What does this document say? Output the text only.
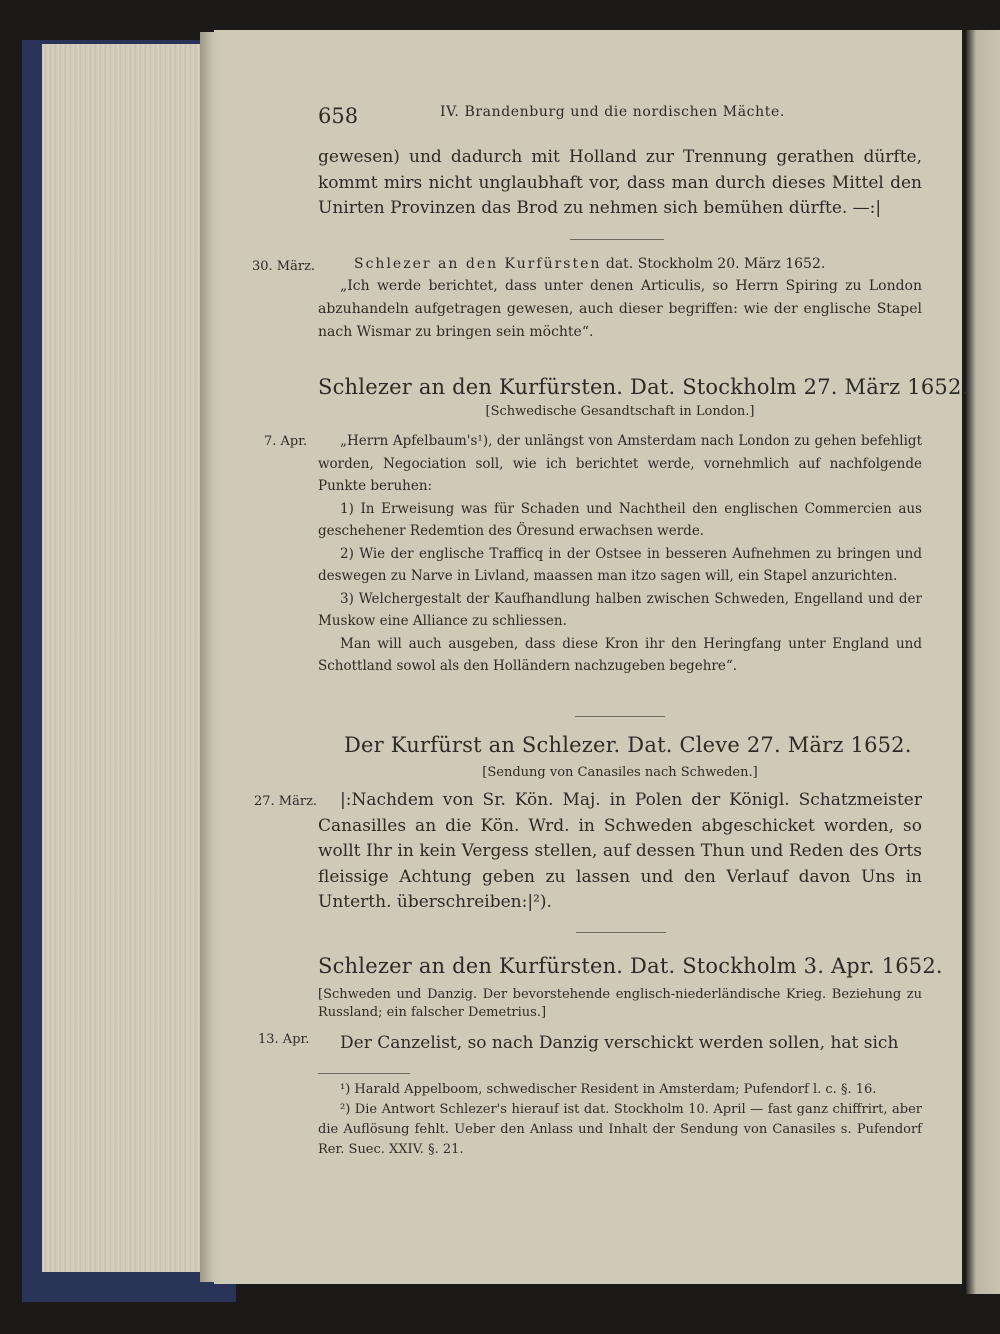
658	IV. Brandenburg und die nordischen Mächte.
gewesen) und dadurch mit Holland zur Trennung gerathen dürfte, kommt mirs nicht unglaubhaft vor, dass man durch dieses Mittel den Unirten Provinzen das Brod zu nehmen sich bemühen dürfte. —:|
30. März.	Schlezer an den Kurfürsten dat. Stockholm 20. März 1652.
„Ich werde berichtet, dass unter denen Articulis, so Herrn Spiring zu London abzuhandeln aufgetragen gewesen, auch dieser begriffen: wie der englische Stapel nach Wismar zu bringen sein möchte“.
Schlezer an den Kurfürsten. Dat. Stockholm 27. März 1652.
[Schwedische Gesandtschaft in London.]
7. Apr.	„Herrn Apfelbaum's¹), der unlängst von Amsterdam nach London zu gehen befehligt worden, Negociation soll, wie ich berichtet werde, vornehmlich auf nachfolgende Punkte beruhen:
1) In Erweisung was für Schaden und Nachtheil den englischen Commercien aus geschehener Redemtion des Öresund erwachsen werde.
2) Wie der englische Trafficq in der Ostsee in besseren Aufnehmen zu bringen und deswegen zu Narve in Livland, maassen man itzo sagen will, ein Stapel anzurichten.
3) Welchergestalt der Kaufhandlung halben zwischen Schweden, Engelland und der Muskow eine Alliance zu schliessen.
Man will auch ausgeben, dass diese Kron ihr den Heringfang unter England und Schottland sowol als den Holländern nachzugeben begehre“.
Der Kurfürst an Schlezer. Dat. Cleve 27. März 1652.
[Sendung von Canasiles nach Schweden.]
27. März.	|:Nachdem von Sr. Kön. Maj. in Polen der Königl. Schatzmeister Canasilles an die Kön. Wrd. in Schweden abgeschicket worden, so wollt Ihr in kein Vergess stellen, auf dessen Thun und Reden des Orts fleissige Achtung geben zu lassen und den Verlauf davon Uns in Unterth. überschreiben:|²).
Schlezer an den Kurfürsten. Dat. Stockholm 3. Apr. 1652.
[Schweden und Danzig. Der bevorstehende englisch-niederländische Krieg. Beziehung zu Russland; ein falscher Demetrius.]
13. Apr.	Der Canzelist, so nach Danzig verschickt werden sollen, hat sich
¹) Harald Appelboom, schwedischer Resident in Amsterdam; Pufendorf l. c. §. 16.
²) Die Antwort Schlezer's hierauf ist dat. Stockholm 10. April — fast ganz chiffrirt, aber die Auflösung fehlt. Ueber den Anlass und Inhalt der Sendung von Canasiles s. Pufendorf Rer. Suec. XXIV. §. 21.
